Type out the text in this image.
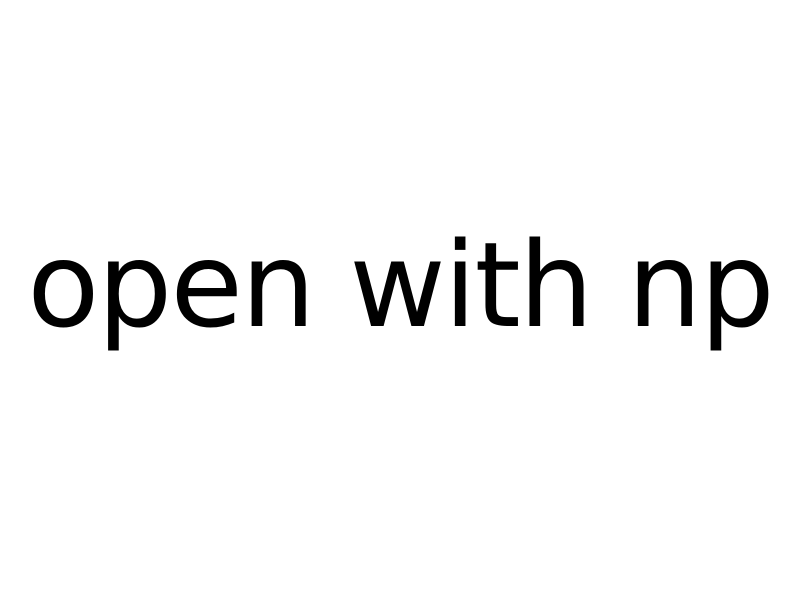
open with np
